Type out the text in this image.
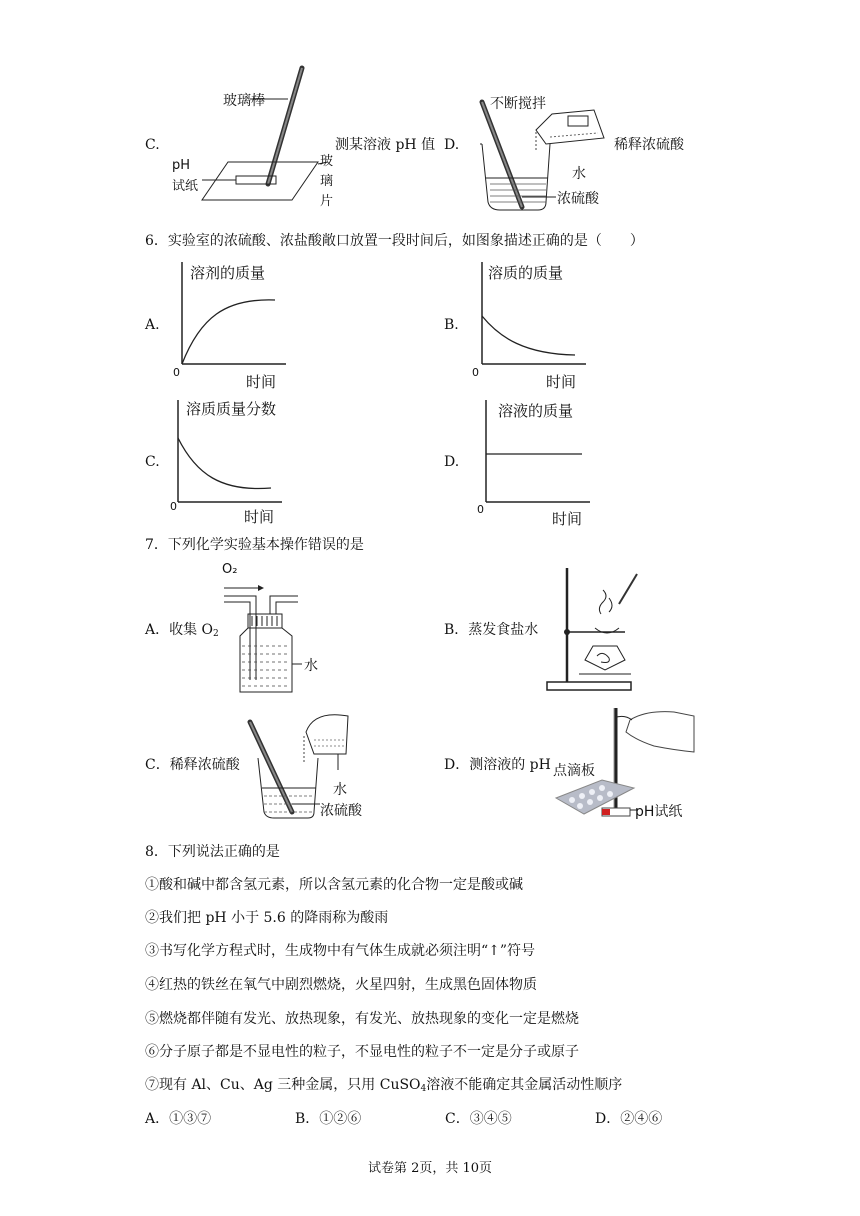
C.
玻璃棒
pH
试纸
玻
璃
片
测某溶液 pH 值 D.
不断搅拌
水
浓硫酸
稀释浓硫酸
6．实验室的浓硫酸、浓盐酸敞口放置一段时间后，如图象描述正确的是（　　）
A.
溶剂的质量
时间
0
B.
溶质的质量
时间
0
C.
溶质质量分数
时间
0
D.
溶液的质量
时间
0
7．下列化学实验基本操作错误的是
A．收集 $O_2$
O₂
水
B．蒸发食盐水
C．稀释浓硫酸
水
浓硫酸
D．测溶液的 pH 点滴板
pH试纸
8．下列说法正确的是
①酸和碱中都含氢元素，所以含氢元素的化合物一定是酸或碱
②我们把 pH 小于 5.6 的降雨称为酸雨
③书写化学方程式时，生成物中有气体生成就必须注明“↑”符号
④红热的铁丝在氧气中剧烈燃烧，火星四射，生成黑色固体物质
⑤燃烧都伴随有发光、放热现象，有发光、放热现象的变化一定是燃烧
⑥分子原子都是不显电性的粒子，不显电性的粒子不一定是分子或原子
⑦现有 Al、Cu、Ag 三种金属，只用 CuSO$_4$溶液不能确定其金属活动性顺序
A．①③⑦	B．①②⑥	C．③④⑤	D．②④⑥
试卷第 2页，共 10页
